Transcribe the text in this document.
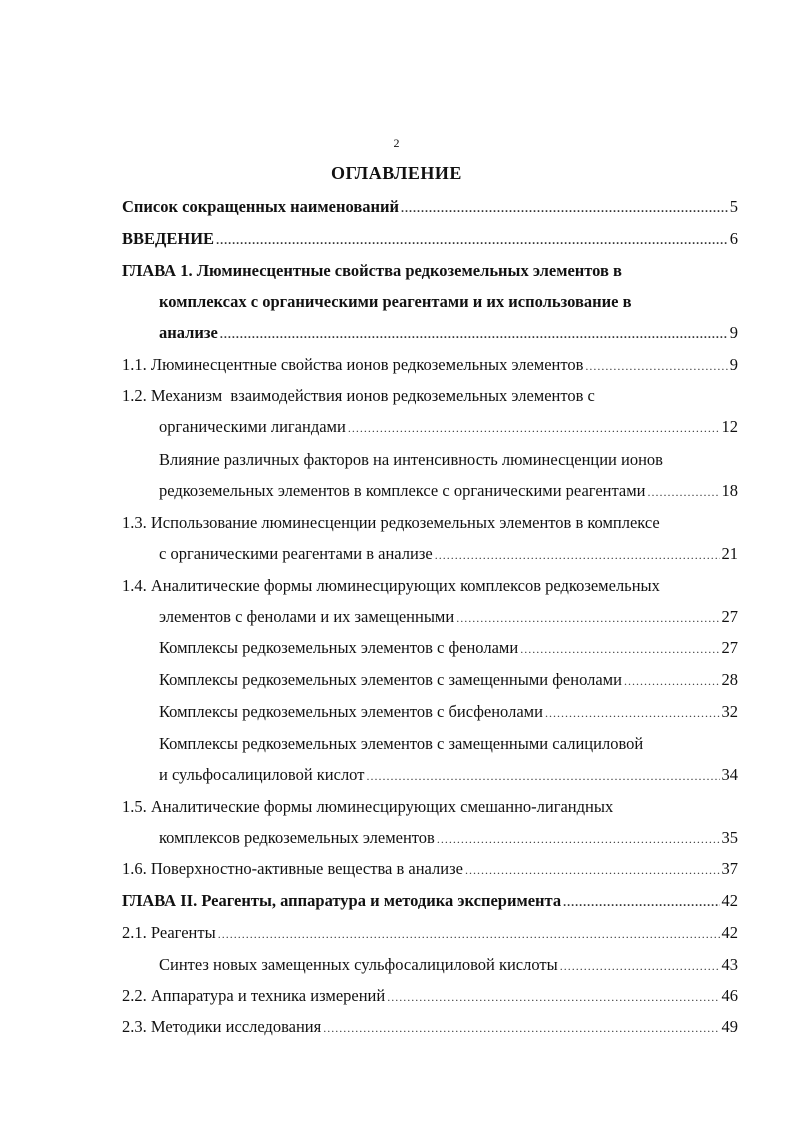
2
ОГЛАВЛЕНИЕ
Список сокращенных наименований .....	5
ВВЕДЕНИЕ .....	6
ГЛАВА 1. Люминесцентные свойства редкоземельных элементов в
комплексах с органическими реагентами и их использование в
анализе .....	9
1.1. Люминесцентные свойства ионов редкоземельных элементов .....	9
1.2. Механизм  взаимодействия ионов редкоземельных элементов с
органическими лигандами .....	12
Влияние различных факторов на интенсивность люминесценции ионов
редкоземельных элементов в комплексе с органическими реагентами .....	18
1.3. Использование люминесценции редкоземельных элементов в комплексе
с органическими реагентами в анализе .....	21
1.4. Аналитические формы люминесцирующих комплексов редкоземельных
элементов с фенолами и их замещенными .....	27
Комплексы редкоземельных элементов с фенолами .....	27
Комплексы редкоземельных элементов с замещенными фенолами .....	28
Комплексы редкоземельных элементов с бисфенолами .....	32
Комплексы редкоземельных элементов с замещенными салициловой
и сульфосалициловой кислот .....	34
1.5. Аналитические формы люминесцирующих смешанно-лигандных
комплексов редкоземельных элементов .....	35
1.6. Поверхностно-активные вещества в анализе .....	37
ГЛАВА II. Реагенты, аппаратура и методика эксперимента .....	42
2.1. Реагенты .....	42
Синтез новых замещенных сульфосалициловой кислоты .....	43
2.2. Аппаратура и техника измерений .....	46
2.3. Методики исследования .....	49
